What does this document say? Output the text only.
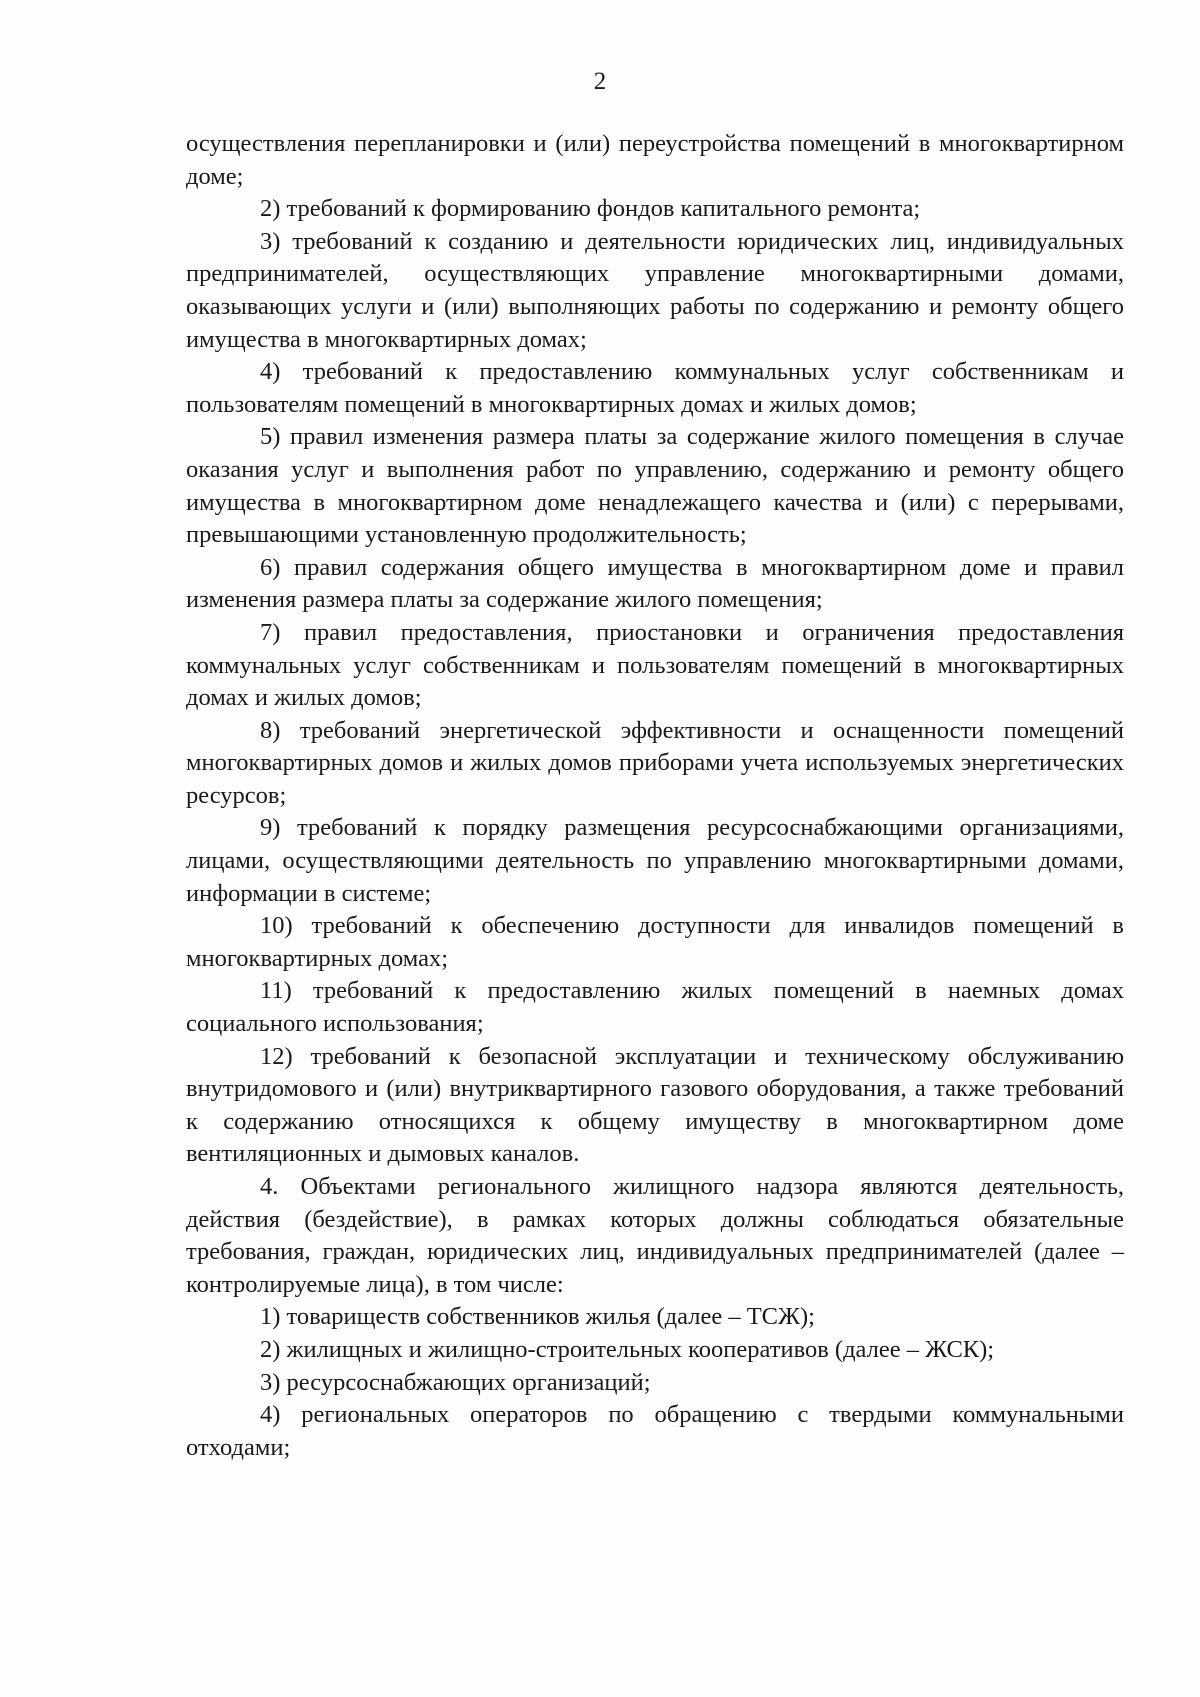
2

осуществления перепланировки и (или) переустройства помещений в многоквартирном доме;

2) требований к формированию фондов капитального ремонта;

3) требований к созданию и деятельности юридических лиц, индивидуальных предпринимателей, осуществляющих управление многоквартирными домами, оказывающих услуги и (или) выполняющих работы по содержанию и ремонту общего имущества в многоквартирных домах;

4) требований к предоставлению коммунальных услуг собственникам и пользователям помещений в многоквартирных домах и жилых домов;

5) правил изменения размера платы за содержание жилого помещения в случае оказания услуг и выполнения работ по управлению, содержанию и ремонту общего имущества в многоквартирном доме ненадлежащего качества и (или) с перерывами, превышающими установленную продолжительность;

6) правил содержания общего имущества в многоквартирном доме и правил изменения размера платы за содержание жилого помещения;

7) правил предоставления, приостановки и ограничения предоставления коммунальных услуг собственникам и пользователям помещений в многоквартирных домах и жилых домов;

8) требований энергетической эффективности и оснащенности помещений многоквартирных домов и жилых домов приборами учета используемых энергетических ресурсов;

9) требований к порядку размещения ресурсоснабжающими организациями, лицами, осуществляющими деятельность по управлению многоквартирными домами, информации в системе;

10) требований к обеспечению доступности для инвалидов помещений в многоквартирных домах;

11) требований к предоставлению жилых помещений в наемных домах социального использования;

12) требований к безопасной эксплуатации и техническому обслуживанию внутридомового и (или) внутриквартирного газового оборудования, а также требований к содержанию относящихся к общему имуществу в многоквартирном доме вентиляционных и дымовых каналов.

4. Объектами регионального жилищного надзора являются деятельность, действия (бездействие), в рамках которых должны соблюдаться обязательные требования, граждан, юридических лиц, индивидуальных предпринимателей (далее – контролируемые лица), в том числе:

1) товариществ собственников жилья (далее – ТСЖ);

2) жилищных и жилищно-строительных кооперативов (далее – ЖСК);

3) ресурсоснабжающих организаций;

4) региональных операторов по обращению с твердыми коммунальными отходами;
